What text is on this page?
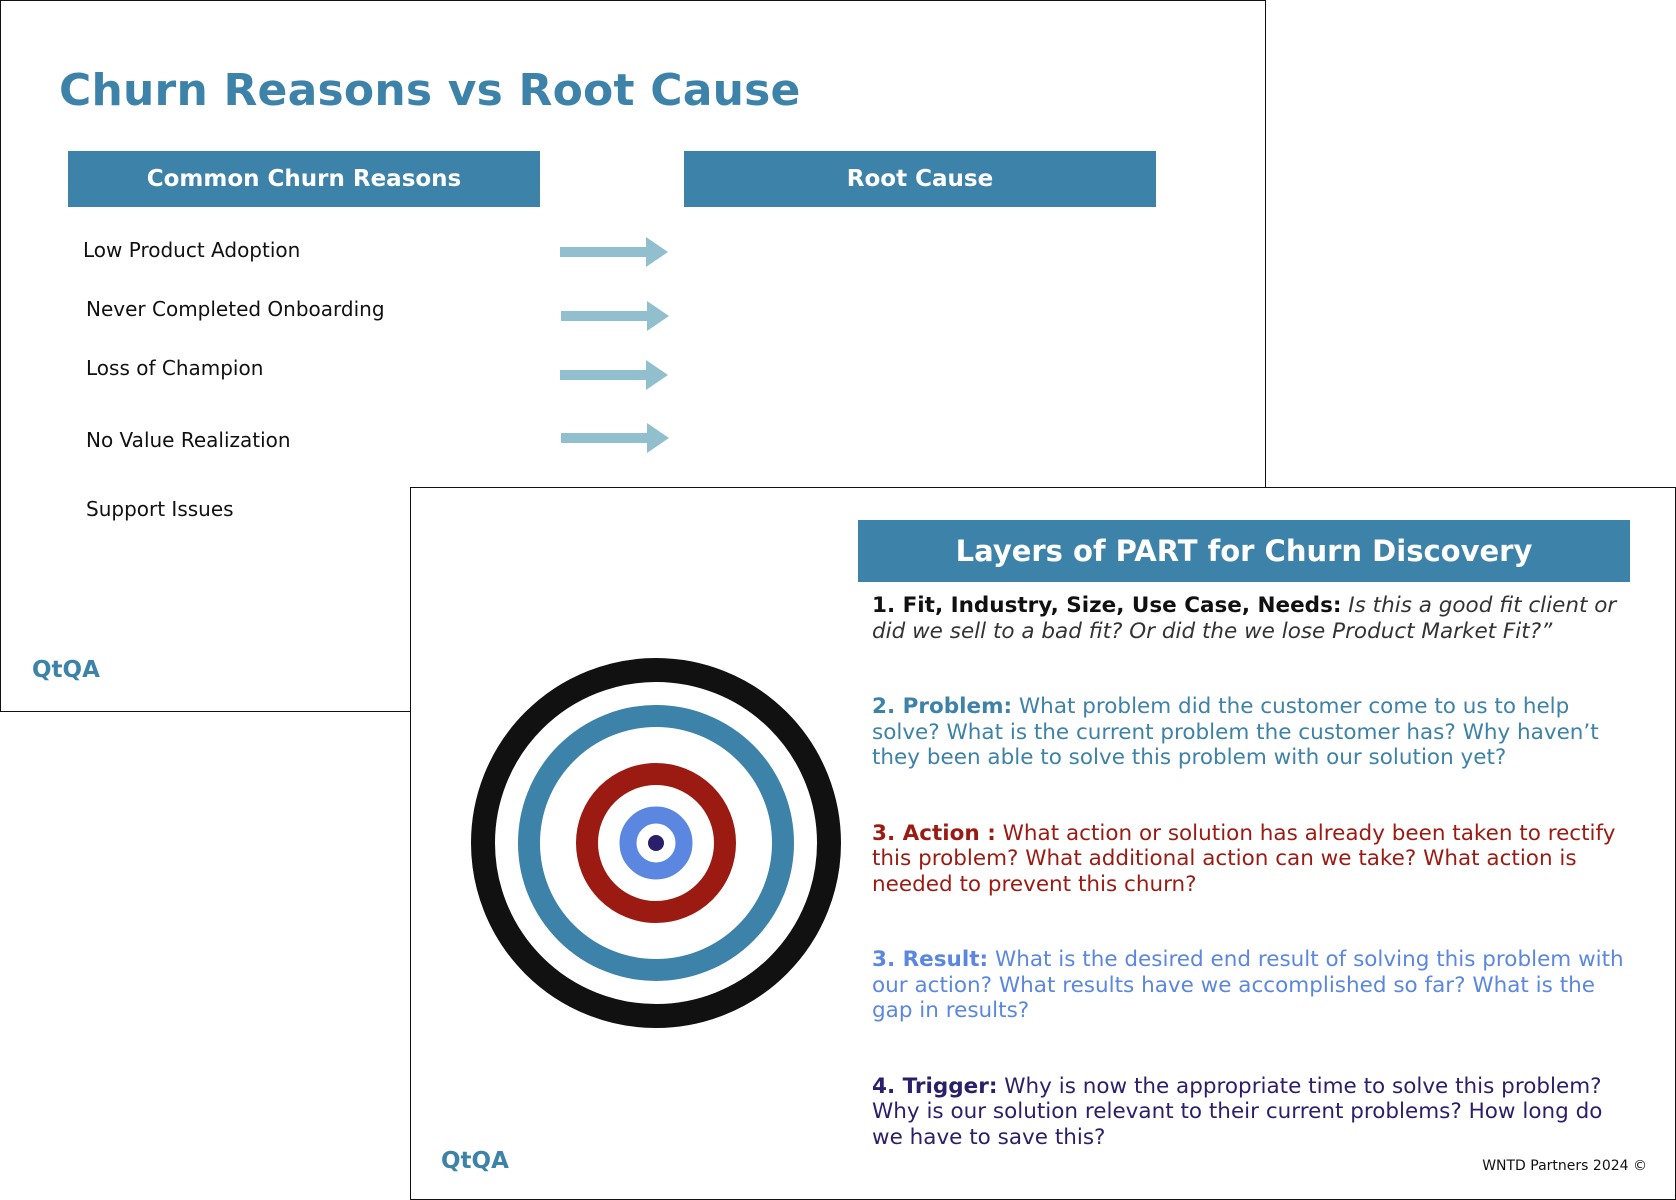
Churn Reasons vs Root Cause
Common Churn Reasons	Root Cause
Low Product Adoption
Never Completed Onboarding
Loss of Champion
No Value Realization
Support Issues
QtQA
Layers of PART for Churn Discovery

1. Fit, Industry, Size, Use Case, Needs: Is this a good fit client or did we sell to a bad fit? Or did the we lose Product Market Fit?”

2. Problem: What problem did the customer come to us to help solve? What is the current problem the customer has? Why haven’t they been able to solve this problem with our solution yet?

3. Action : What action or solution has already been taken to rectify this problem? What additional action can we take? What action is needed to prevent this churn?

3. Result: What is the desired end result of solving this problem with our action? What results have we accomplished so far? What is the gap in results?

4. Trigger: Why is now the appropriate time to solve this problem? Why is our solution relevant to their current problems? How long do we have to save this?

QtQA	WNTD Partners 2024 ©
